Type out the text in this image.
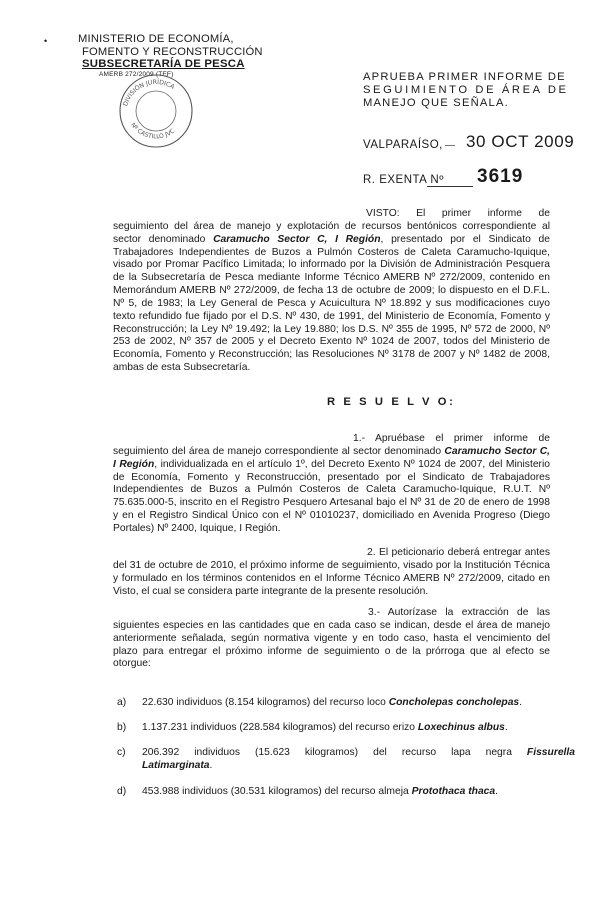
•	MINISTERIO DE ECONOMÍA,
FOMENTO Y RECONSTRUCCIÓN
SUBSECRETARÍA DE PESCA
AMERB 272/2009 (TEF)
DIVISIÓN JURÍDICA
Nº CASTILLO JVC
APRUEBA PRIMER INFORME DE
SEGUIMIENTO DE ÁREA DE
MANEJO QUE SEÑALA.
VALPARAÍSO, 30 OCT 2009
R. EXENTA Nº 3619
VISTO: El primer informe de seguimiento del área de manejo y explotación de recursos bentónicos correspondiente al sector denominado Caramucho Sector C, I Región, presentado por el Sindicato de Trabajadores Independientes de Buzos a Pulmón Costeros de Caleta Caramucho-Iquique, visado por Promar Pacífico Limitada; lo informado por la División de Administración Pesquera de la Subsecretaría de Pesca mediante Informe Técnico AMERB Nº 272/2009, contenido en Memorándum AMERB Nº 272/2009, de fecha 13 de octubre de 2009; lo dispuesto en el D.F.L. Nº 5, de 1983; la Ley General de Pesca y Acuicultura Nº 18.892 y sus modificaciones cuyo texto refundido fue fijado por el D.S. Nº 430, de 1991, del Ministerio de Economía, Fomento y Reconstrucción; la Ley Nº 19.492; la Ley 19.880; los D.S. Nº 355 de 1995, Nº 572 de 2000, Nº 253 de 2002, Nº 357 de 2005 y el Decreto Exento Nº 1024 de 2007, todos del Ministerio de Economía, Fomento y Reconstrucción; las Resoluciones Nº 3178 de 2007 y Nº 1482 de 2008, ambas de esta Subsecretaría.
R E S U E L V O:
1.- Apruébase el primer informe de seguimiento del área de manejo correspondiente al sector denominado Caramucho Sector C, I Región, individualizada en el artículo 1º, del Decreto Exento Nº 1024 de 2007, del Ministerio de Economía, Fomento y Reconstrucción, presentado por el Sindicato de Trabajadores Independientes de Buzos a Pulmón Costeros de Caleta Caramucho-Iquique, R.U.T. Nº 75.635.000-5, inscrito en el Registro Pesquero Artesanal bajo el Nº 31 de 20 de enero de 1998 y en el Registro Sindical Único con el Nº 01010237, domiciliado en Avenida Progreso (Diego Portales) Nº 2400, Iquique, I Región.
2. El peticionario deberá entregar antes del 31 de octubre de 2010, el próximo informe de seguimiento, visado por la Institución Técnica y formulado en los términos contenidos en el Informe Técnico AMERB Nº 272/2009, citado en Visto, el cual se considera parte integrante de la presente resolución.
3.- Autorízase la extracción de las siguientes especies en las cantidades que en cada caso se indican, desde el área de manejo anteriormente señalada, según normativa vigente y en todo caso, hasta el vencimiento del plazo para entregar el próximo informe de seguimiento o de la prórroga que al efecto se otorgue:
a) 22.630 individuos (8.154 kilogramos) del recurso loco Concholepas concholepas.
b) 1.137.231 individuos (228.584 kilogramos) del recurso erizo Loxechinus albus.
c) 206.392 individuos (15.623 kilogramos) del recurso lapa negra Fissurella Latimarginata.
d) 453.988 individuos (30.531 kilogramos) del recurso almeja Protothaca thaca.
